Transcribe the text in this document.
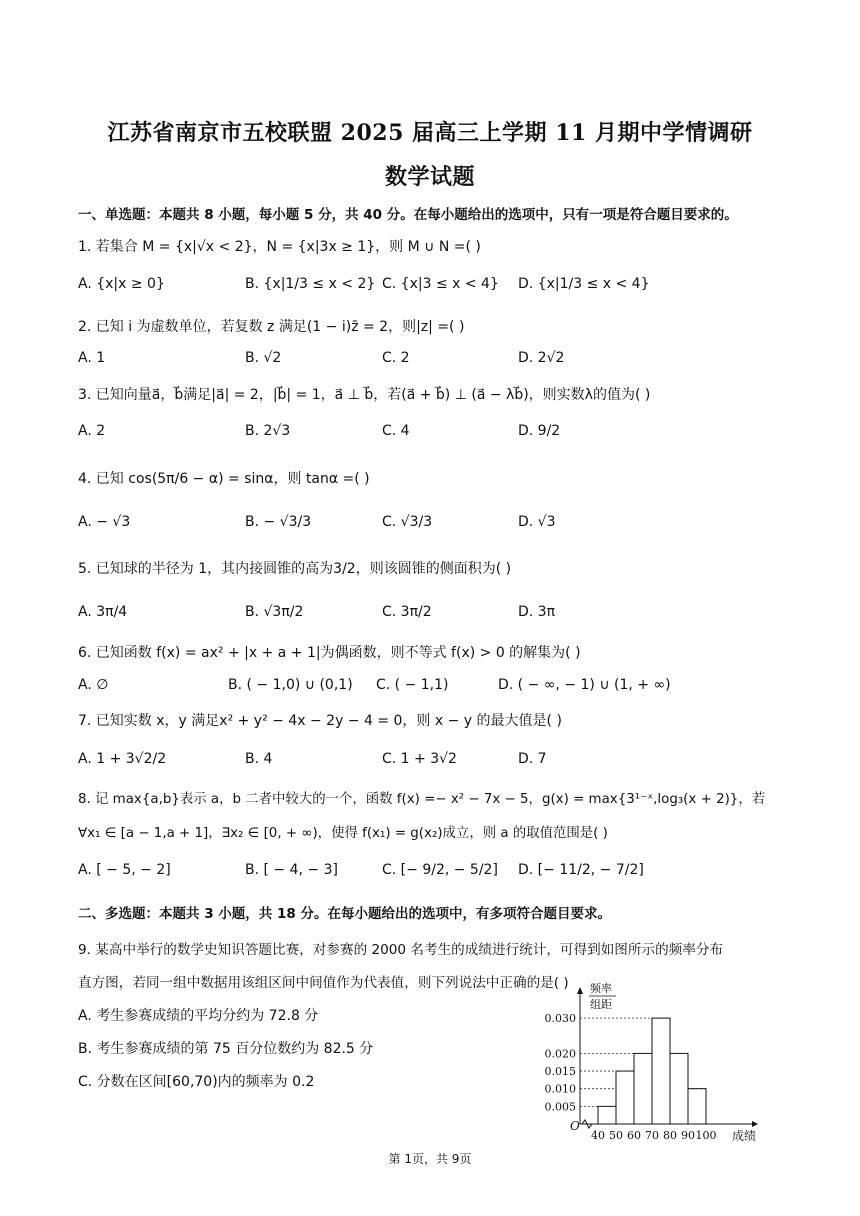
江苏省南京市五校联盟 2025 届高三上学期 11 月期中学情调研
数学试题
一、单选题：本题共 8 小题，每小题 5 分，共 40 分。在每小题给出的选项中，只有一项是符合题目要求的。
1. 若集合 M = {x|√x < 2}，N = {x|3x ≥ 1}，则 M ∪ N =( )
A. {x|x ≥ 0}	B. {x|1/3 ≤ x < 2} C. {x|3 ≤ x < 4} D. {x|1/3 ≤ x < 4}
2. 已知 i 为虚数单位，若复数 z 满足(1 − i)z̄ = 2，则|z| =( )
A. 1	B. √2	C. 2	D. 2√2
3. 已知向量a⃗，b⃗满足|a⃗| = 2，|b⃗| = 1，a⃗ ⊥ b⃗，若(a⃗ + b⃗) ⊥ (a⃗ − λb⃗)，则实数λ的值为( )
A. 2	B. 2√3	C. 4	D. 9/2
4. 已知 cos(5π/6 − α) = sinα，则 tanα =( )
A. − √3	B. − √3/3	C. √3/3	D. √3
5. 已知球的半径为 1，其内接圆锥的高为3/2，则该圆锥的侧面积为( )
A. 3π/4	B. √3π/2	C. 3π/2	D. 3π
6. 已知函数 f(x) = ax² + |x + a + 1|为偶函数，则不等式 f(x) > 0 的解集为( )
A. ∅	B. ( − 1,0) ∪ (0,1) C. ( − 1,1)	D. ( − ∞, − 1) ∪ (1, + ∞)
7. 已知实数 x，y 满足x² + y² − 4x − 2y − 4 = 0，则 x − y 的最大值是( )
A. 1 + 3√2/2	B. 4	C. 1 + 3√2	D. 7
8. 记 max{a,b}表示 a，b 二者中较大的一个，函数 f(x) =− x² − 7x − 5，g(x) = max{3¹⁻ˣ,log₃(x + 2)}，若
∀x₁ ∈ [a − 1,a + 1]，∃x₂ ∈ [0, + ∞)，使得 f(x₁) = g(x₂)成立，则 a 的取值范围是( )
A. [ − 5, − 2]	B. [ − 4, − 3]	C. [− 9/2, − 5/2] D. [− 11/2, − 7/2]
二、多选题：本题共 3 小题，共 18 分。在每小题给出的选项中，有多项符合题目要求。
9. 某高中举行的数学史知识答题比赛，对参赛的 2000 名考生的成绩进行统计，可得到如图所示的频率分布
直方图，若同一组中数据用该组区间中间值作为代表值，则下列说法中正确的是( )
A. 考生参赛成绩的平均分约为 72.8 分
B. 考生参赛成绩的第 75 百分位数约为 82.5 分
C. 分数在区间[60,70)内的频率为 0.2
0.005
0.010
0.015
0.020
0.030
40 50 60 70 80 90 100
O
成绩
频率
组距
第 1页，共 9页
